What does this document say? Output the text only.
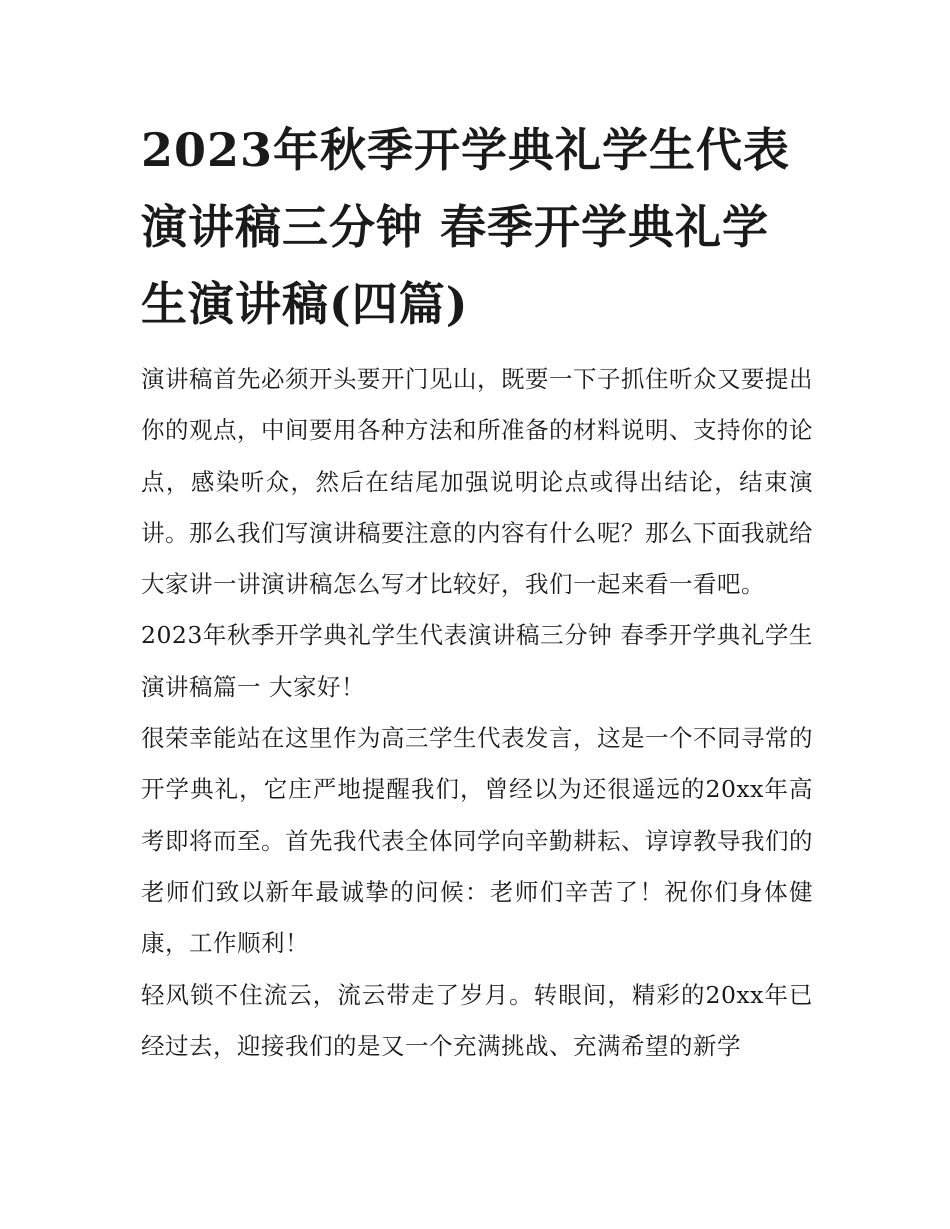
2023年秋季开学典礼学生代表演讲稿三分钟 春季开学典礼学生演讲稿(四篇)

演讲稿首先必须开头要开门见山，既要一下子抓住听众又要提出你的观点，中间要用各种方法和所准备的材料说明、支持你的论点，感染听众，然后在结尾加强说明论点或得出结论，结束演讲。那么我们写演讲稿要注意的内容有什么呢？那么下面我就给大家讲一讲演讲稿怎么写才比较好，我们一起来看一看吧。

2023年秋季开学典礼学生代表演讲稿三分钟 春季开学典礼学生演讲稿篇一 大家好！

很荣幸能站在这里作为高三学生代表发言，这是一个不同寻常的开学典礼，它庄严地提醒我们，曾经以为还很遥远的20xx年高考即将而至。首先我代表全体同学向辛勤耕耘、谆谆教导我们的老师们致以新年最诚挚的问候：老师们辛苦了！祝你们身体健康，工作顺利！

轻风锁不住流云，流云带走了岁月。转眼间，精彩的20xx年已经过去，迎接我们的是又一个充满挑战、充满希望的新学
